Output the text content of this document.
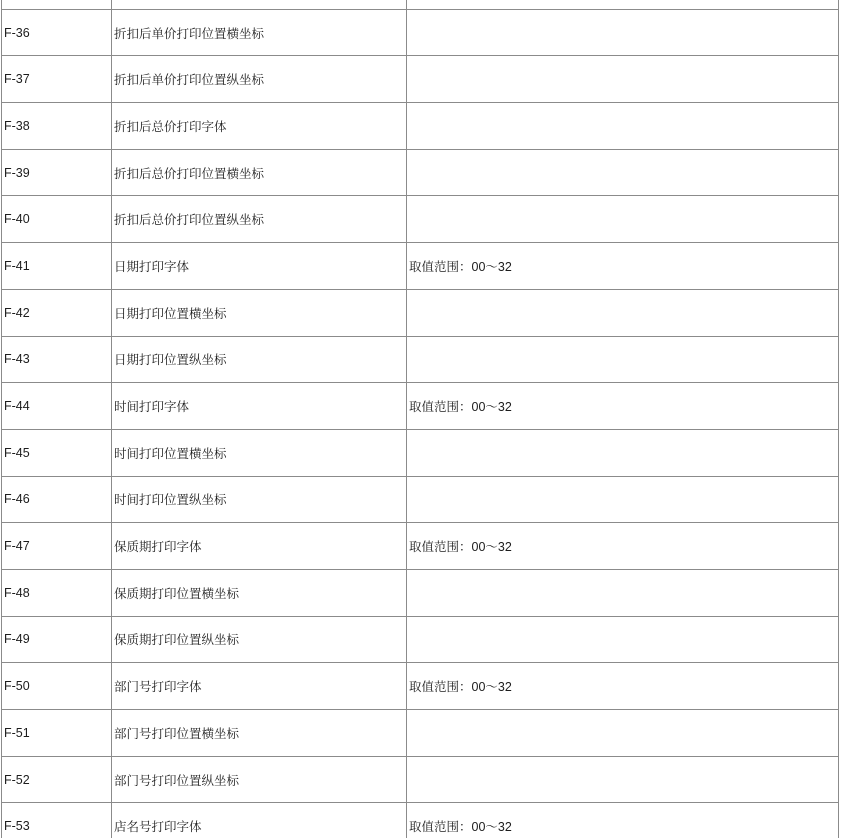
F-36	折扣后单价打印位置横坐标	
F-37	折扣后单价打印位置纵坐标	
F-38	折扣后总价打印字体	
F-39	折扣后总价打印位置横坐标	
F-40	折扣后总价打印位置纵坐标	
F-41	日期打印字体	取值范围：00～32
F-42	日期打印位置横坐标	
F-43	日期打印位置纵坐标	
F-44	时间打印字体	取值范围：00～32
F-45	时间打印位置横坐标	
F-46	时间打印位置纵坐标	
F-47	保质期打印字体	取值范围：00～32
F-48	保质期打印位置横坐标	
F-49	保质期打印位置纵坐标	
F-50	部门号打印字体	取值范围：00～32
F-51	部门号打印位置横坐标	
F-52	部门号打印位置纵坐标	
F-53	店名号打印字体	取值范围：00～32
